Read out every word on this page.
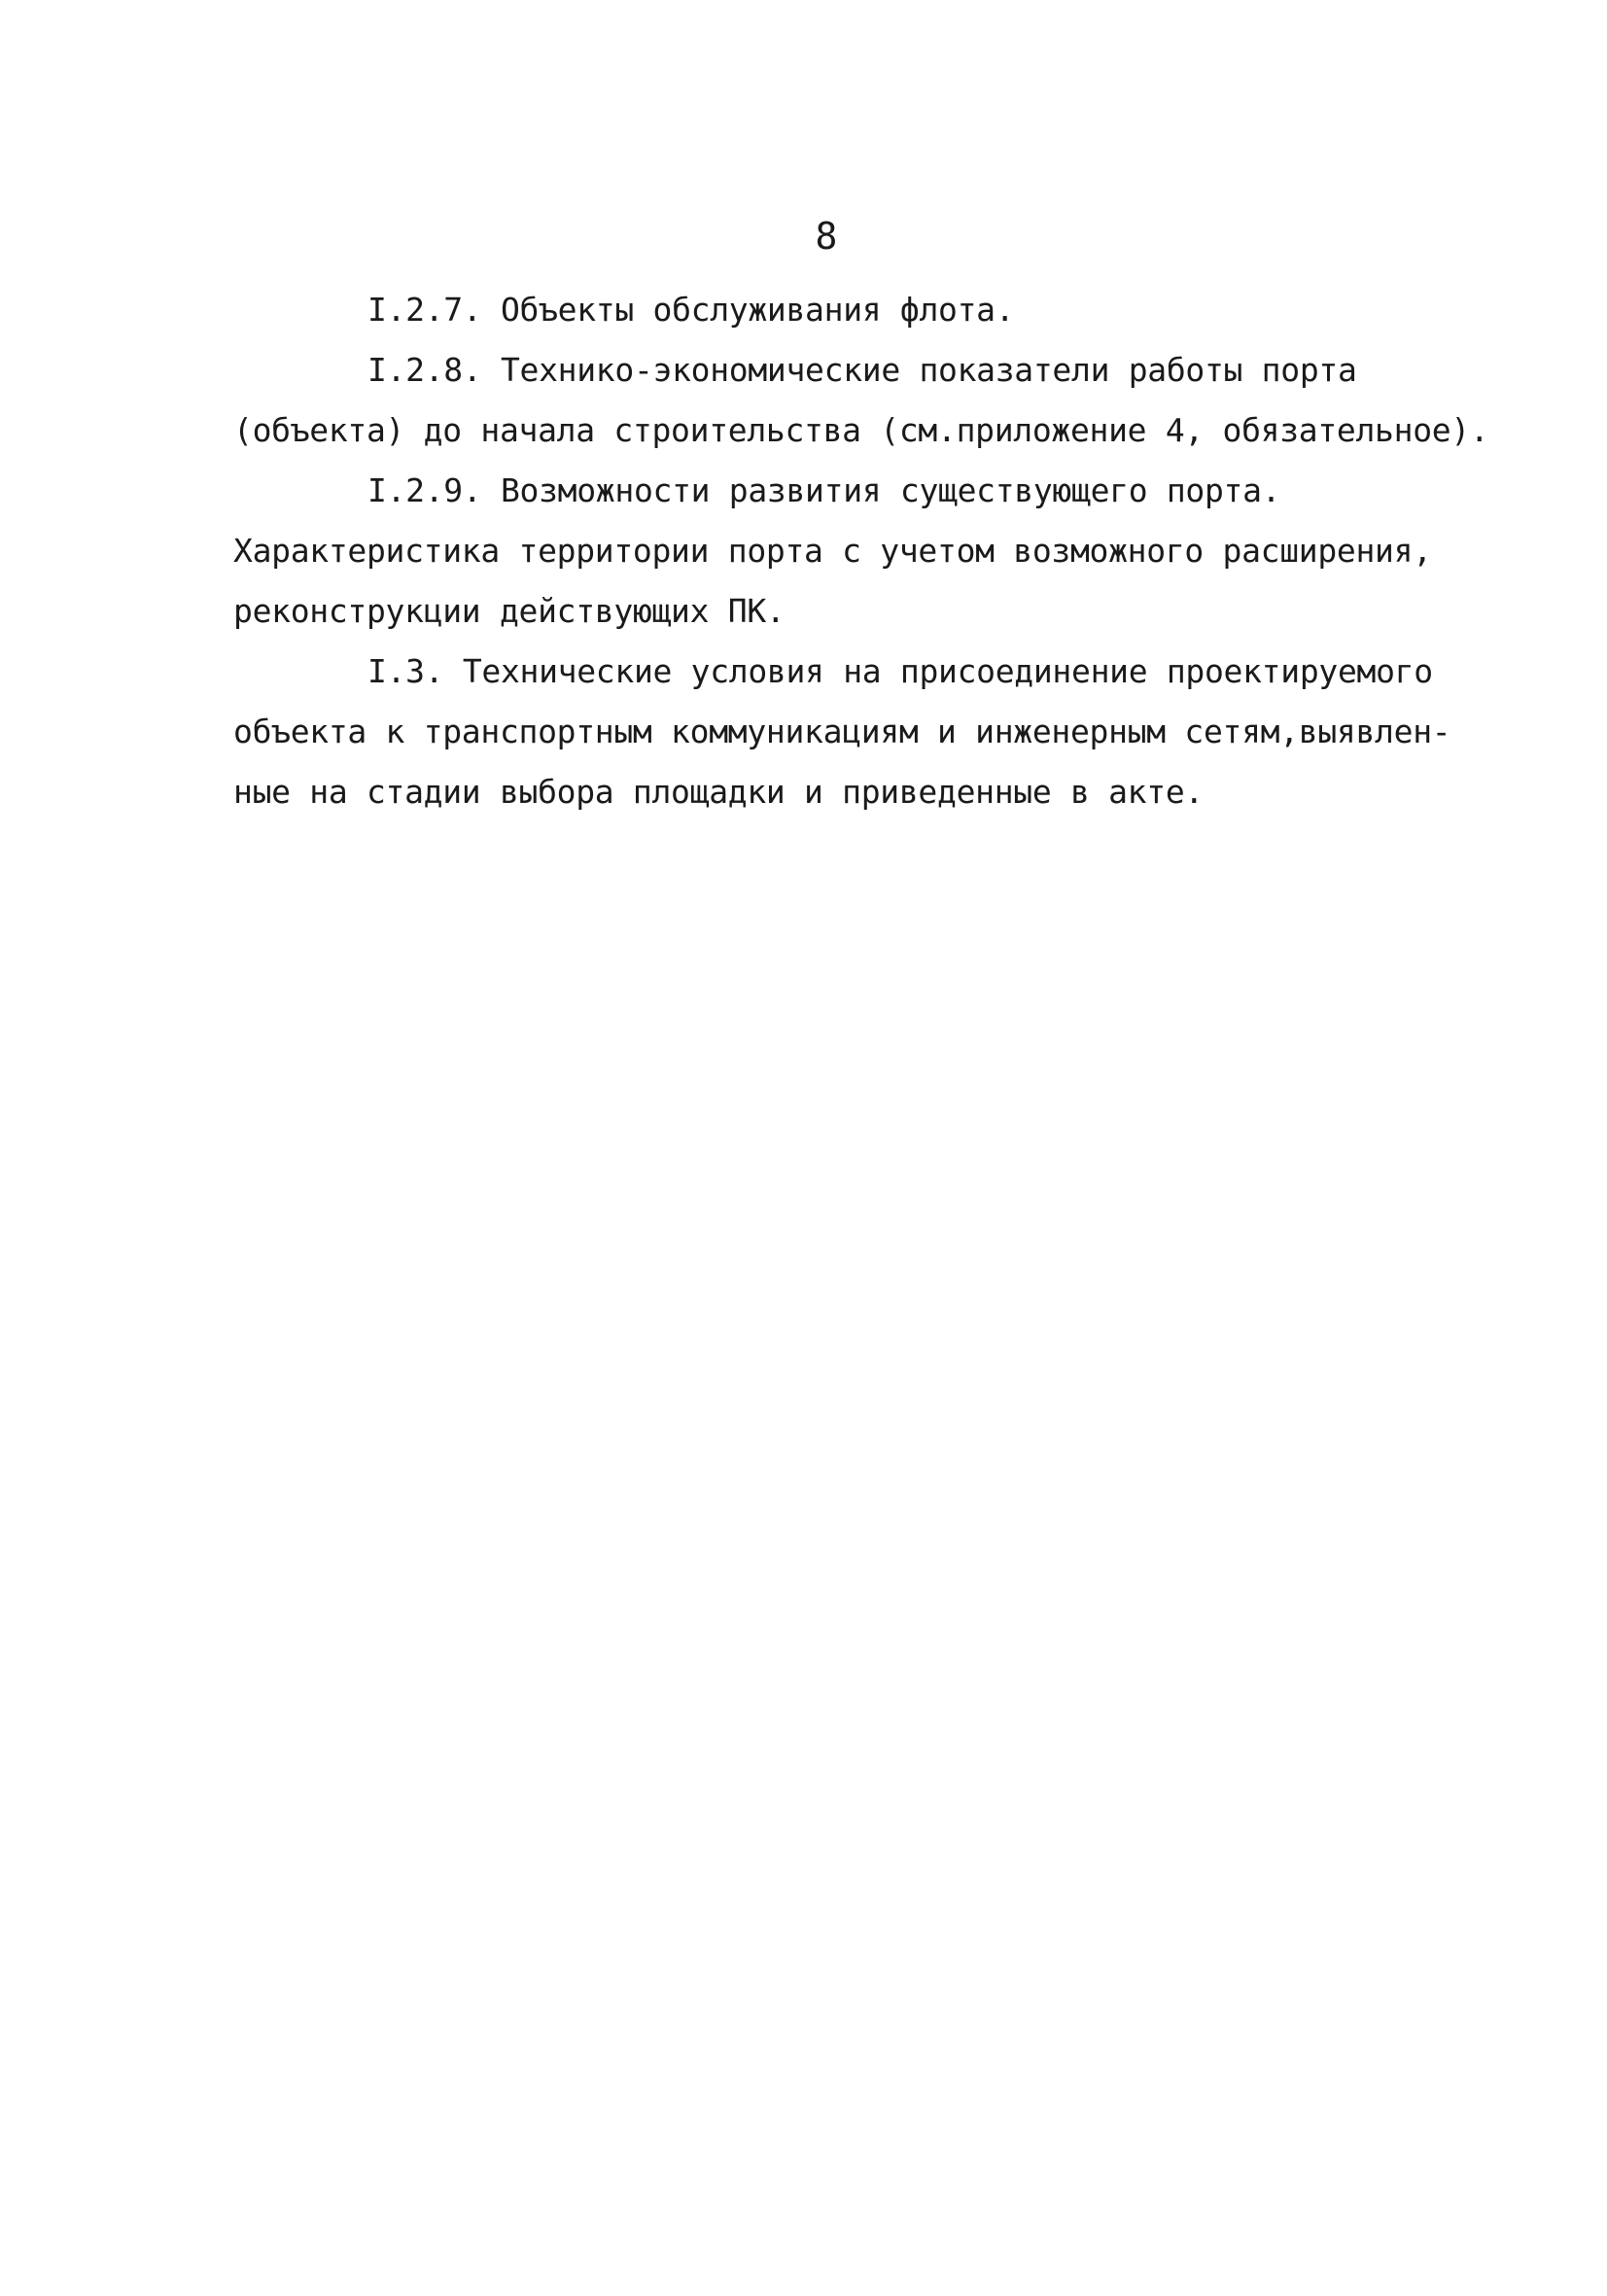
8

I.2.7. Объекты обслуживания флота.

I.2.8. Технико-экономические показатели работы порта
(объекта) до начала строительства (см.приложение 4, обязательное).

I.2.9. Возможности развития существующего порта.
Характеристика территории порта с учетом возможного расширения,
реконструкции действующих ПК.

I.3. Технические условия на присоединение проектируемого
объекта к транспортным коммуникациям и инженерным сетям,выявлен-
ные на стадии выбора площадки и приведенные в акте.
